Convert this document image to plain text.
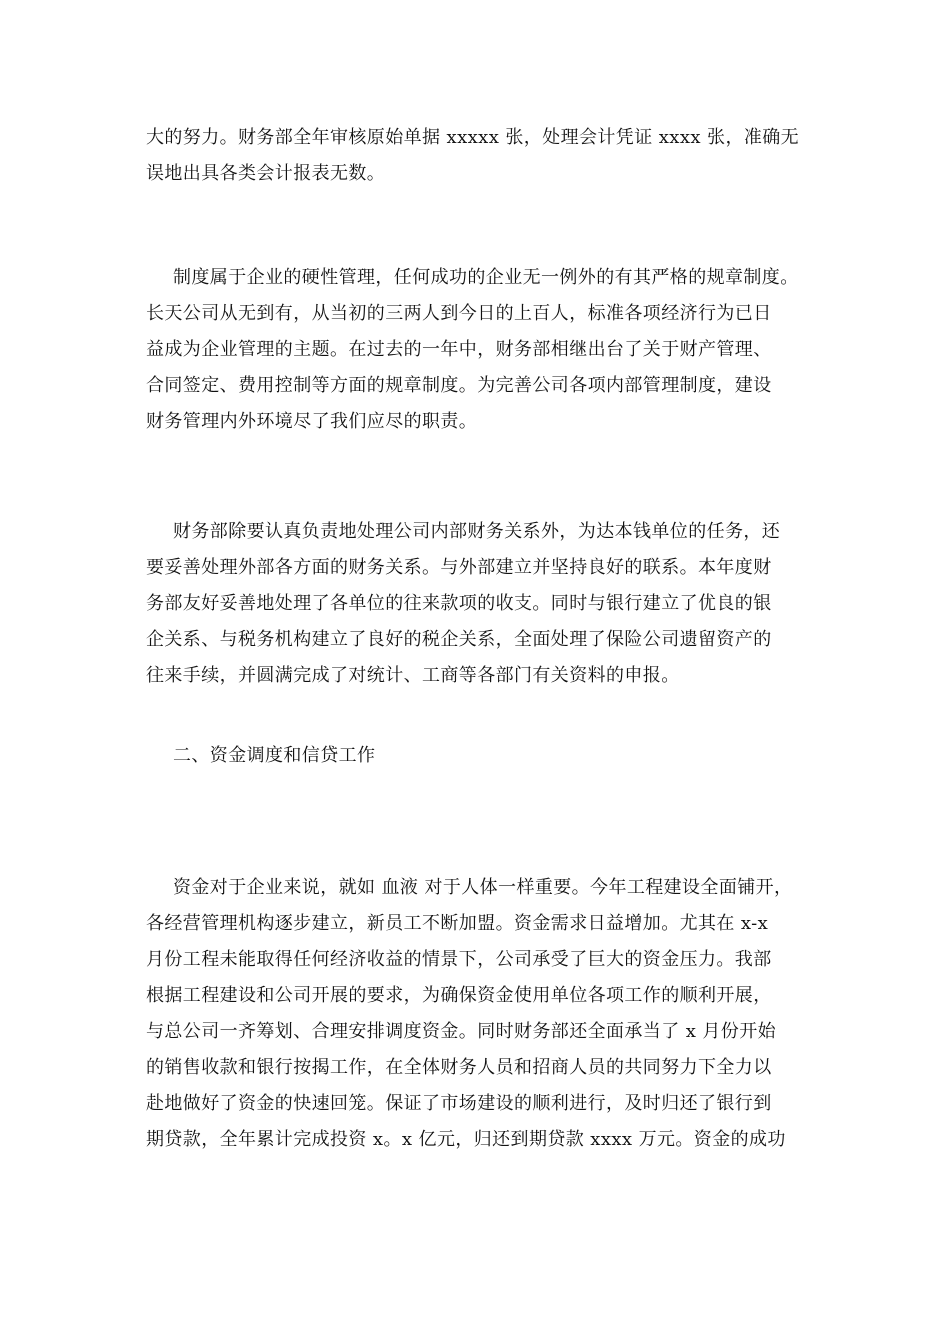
大的努力。财务部全年审核原始单据 xxxxx 张，处理会计凭证 xxxx 张，准确无
误地出具各类会计报表无数。
制度属于企业的硬性管理，任何成功的企业无一例外的有其严格的规章制度。
长天公司从无到有，从当初的三两人到今日的上百人，标准各项经济行为已日
益成为企业管理的主题。在过去的一年中，财务部相继出台了关于财产管理、
合同签定、费用控制等方面的规章制度。为完善公司各项内部管理制度，建设
财务管理内外环境尽了我们应尽的职责。
财务部除要认真负责地处理公司内部财务关系外，为达本钱单位的任务，还
要妥善处理外部各方面的财务关系。与外部建立并坚持良好的联系。本年度财
务部友好妥善地处理了各单位的往来款项的收支。同时与银行建立了优良的银
企关系、与税务机构建立了良好的税企关系，全面处理了保险公司遗留资产的
往来手续，并圆满完成了对统计、工商等各部门有关资料的申报。
二、资金调度和信贷工作
资金对于企业来说，就如 血液 对于人体一样重要。今年工程建设全面铺开，
各经营管理机构逐步建立，新员工不断加盟。资金需求日益增加。尤其在 x-x
月份工程未能取得任何经济收益的情景下，公司承受了巨大的资金压力。我部
根据工程建设和公司开展的要求，为确保资金使用单位各项工作的顺利开展，
与总公司一齐筹划、合理安排调度资金。同时财务部还全面承当了 x 月份开始
的销售收款和银行按揭工作，在全体财务人员和招商人员的共同努力下全力以
赴地做好了资金的快速回笼。保证了市场建设的顺利进行，及时归还了银行到
期贷款，全年累计完成投资 x。x 亿元，归还到期贷款 xxxx 万元。资金的成功
